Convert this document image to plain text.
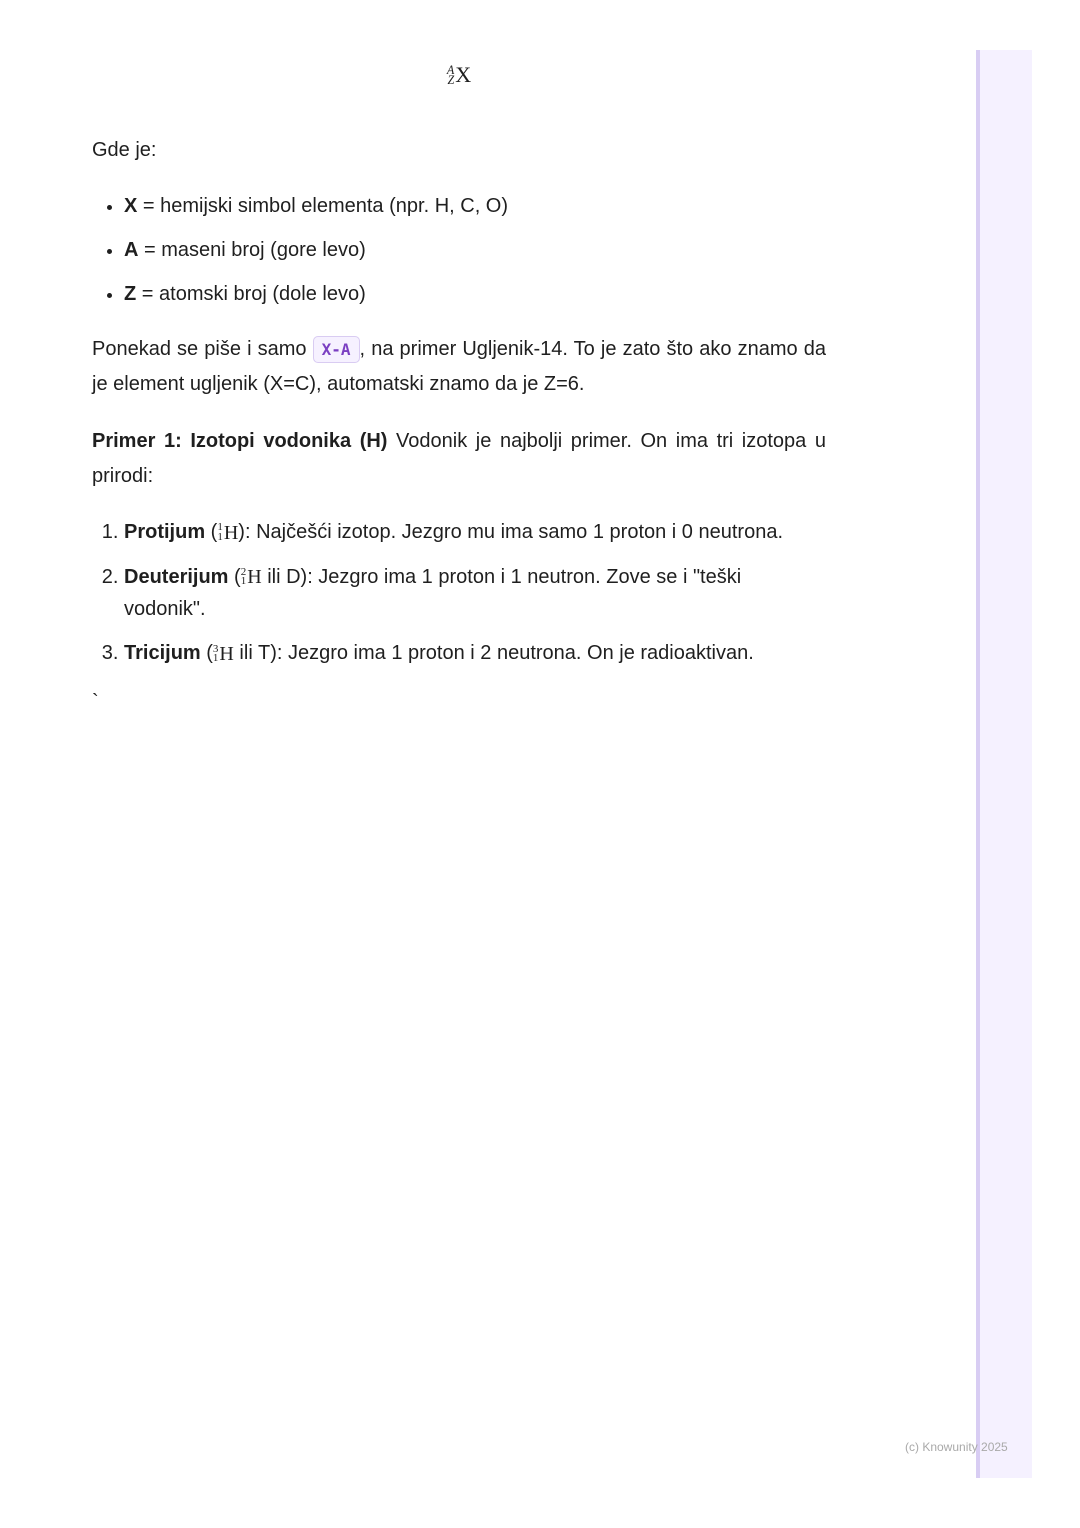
A
Z X

Gde je:

• X = hemijski simbol elementa (npr. H, C, O)
• A = maseni broj (gore levo)
• Z = atomski broj (dole levo)

Ponekad se piše i samo X-A , na primer Ugljenik-14. To je zato što ako znamo da je element ugljenik (X=C), automatski znamo da je Z=6.

Primer 1: Izotopi vodonika (H) Vodonik je najbolji primer. On ima tri izotopa u prirodi:

1. Protijum ( 1
1 H ): Najčešći izotop. Jezgro mu ima samo 1 proton i 0 neutrona.
2. Deuterijum ( 2
1 H ili D): Jezgro ima 1 proton i 1 neutron. Zove se i "teški vodonik".
3. Tricijum ( 3
1 H ili T): Jezgro ima 1 proton i 2 neutrona. On je radioaktivan.
`
(c) Knowunity 2025
